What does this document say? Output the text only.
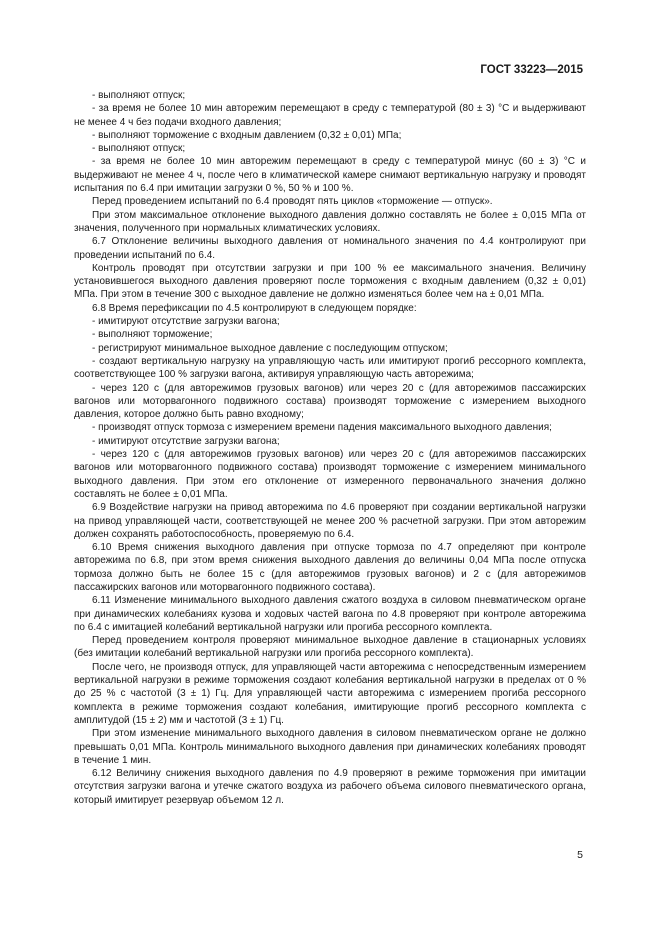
ГОСТ 33223—2015

- выполняют отпуск;

- за время не более 10 мин авторежим перемещают в среду с температурой (80 ± 3) °С и выдерживают не менее 4 ч без подачи входного давления;

- выполняют торможение с входным давлением (0,32 ± 0,01) МПа;

- выполняют отпуск;

- за время не более 10 мин авторежим перемещают в среду с температурой минус (60 ± 3) °С и выдерживают не менее 4 ч, после чего в климатической камере снимают вертикальную нагрузку и проводят испытания по 6.4 при имитации загрузки 0 %, 50 % и 100 %.

Перед проведением испытаний по 6.4 проводят пять циклов «торможение — отпуск».

При этом максимальное отклонение выходного давления должно составлять не более ± 0,015 МПа от значения, полученного при нормальных климатических условиях.

6.7 Отклонение величины выходного давления от номинального значения по 4.4 контролируют при проведении испытаний по 6.4.

Контроль проводят при отсутствии загрузки и при 100 % ее максимального значения. Величину установившегося выходного давления проверяют после торможения с входным давлением (0,32 ± 0,01) МПа. При этом в течение 300 с выходное давление не должно изменяться более чем на ± 0,01 МПа.

6.8 Время перефиксации по 4.5 контролируют в следующем порядке:

- имитируют отсутствие загрузки вагона;

- выполняют торможение;

- регистрируют минимальное выходное давление с последующим отпуском;

- создают вертикальную нагрузку на управляющую часть или имитируют прогиб рессорного комплекта, соответствующее 100 % загрузки вагона, активируя управляющую часть авторежима;

- через 120 с (для авторежимов грузовых вагонов) или через 20 с (для авторежимов пассажирских вагонов или моторвагонного подвижного состава) производят торможение с измерением выходного давления, которое должно быть равно входному;

- производят отпуск тормоза с измерением времени падения максимального выходного давления;

- имитируют отсутствие загрузки вагона;

- через 120 с (для авторежимов грузовых вагонов) или через 20 с (для авторежимов пассажирских вагонов или моторвагонного подвижного состава) производят торможение с измерением минимального выходного давления. При этом его отклонение от измеренного первоначального значения должно составлять не более ± 0,01 МПа.

6.9 Воздействие нагрузки на привод авторежима по 4.6 проверяют при создании вертикальной нагрузки на привод управляющей части, соответствующей не менее 200 % расчетной загрузки. При этом авторежим должен сохранять работоспособность, проверяемую по 6.4.

6.10 Время снижения выходного давления при отпуске тормоза по 4.7 определяют при контроле авторежима по 6.8, при этом время снижения выходного давления до величины 0,04 МПа после отпуска тормоза должно быть не более 15 с (для авторежимов грузовых вагонов) и 2 с (для авторежимов пассажирских вагонов или моторвагонного подвижного состава).

6.11 Изменение минимального выходного давления сжатого воздуха в силовом пневматическом органе при динамических колебаниях кузова и ходовых частей вагона по 4.8 проверяют при контроле авторежима по 6.4 с имитацией колебаний вертикальной нагрузки или прогиба рессорного комплекта.

Перед проведением контроля проверяют минимальное выходное давление в стационарных условиях (без имитации колебаний вертикальной нагрузки или прогиба рессорного комплекта).

После чего, не производя отпуск, для управляющей части авторежима с непосредственным измерением вертикальной нагрузки в режиме торможения создают колебания вертикальной нагрузки в пределах от 0 % до 25 % с частотой (3 ± 1) Гц. Для управляющей части авторежима с измерением прогиба рессорного комплекта в режиме торможения создают колебания, имитирующие прогиб рессорного комплекта с амплитудой (15 ± 2) мм и частотой (3 ± 1) Гц.

При этом изменение минимального выходного давления в силовом пневматическом органе не должно превышать 0,01 МПа. Контроль минимального выходного давления при динамических колебаниях проводят в течение 1 мин.

6.12 Величину снижения выходного давления по 4.9 проверяют в режиме торможения при имитации отсутствия загрузки вагона и утечке сжатого воздуха из рабочего объема силового пневматического органа, который имитирует резервуар объемом 12 л.

5
